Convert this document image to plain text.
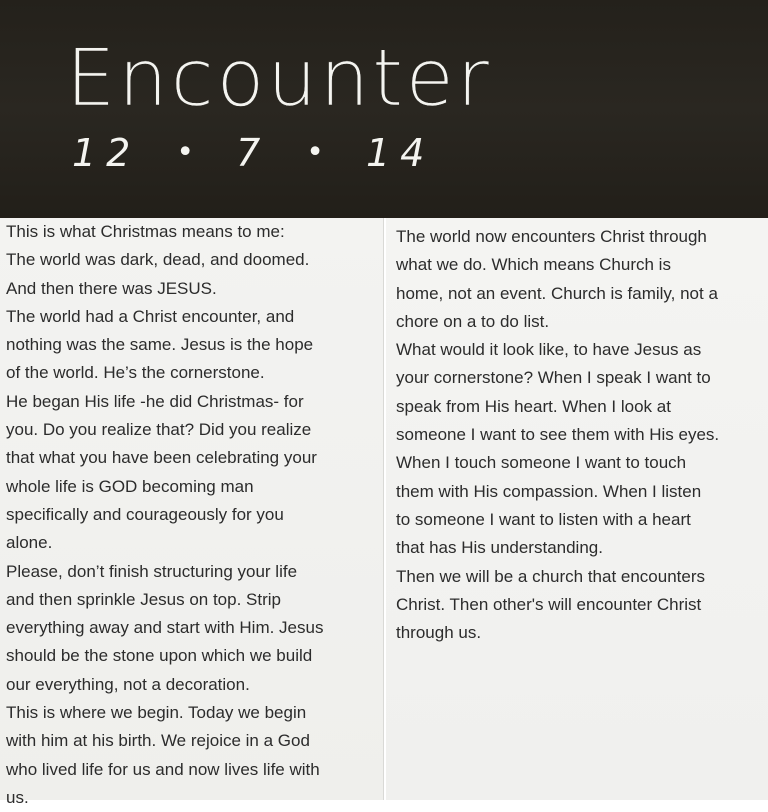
Encounter
12 • 7 • 14
This is what Christmas means to me:
The world was dark, dead, and doomed.
And then there was JESUS.
The world had a Christ encounter, and
nothing was the same. Jesus is the hope
of the world. He’s the cornerstone.
He began His life -he did Christmas- for
you. Do you realize that? Did you realize
that what you have been celebrating your
whole life is GOD becoming man
specifically and courageously for you
alone.
Please, don’t finish structuring your life
and then sprinkle Jesus on top. Strip
everything away and start with Him. Jesus
should be the stone upon which we build
our everything, not a decoration.
This is where we begin. Today we begin
with him at his birth. We rejoice in a God
who lived life for us and now lives life with
us.
The world now encounters Christ through
what we do. Which means Church is
home, not an event. Church is family, not a
chore on a to do list.
What would it look like, to have Jesus as
your cornerstone? When I speak I want to
speak from His heart. When I look at
someone I want to see them with His eyes.
When I touch someone I want to touch
them with His compassion. When I listen
to someone I want to listen with a heart
that has His understanding.
Then we will be a church that encounters
Christ. Then other's will encounter Christ
through us.
